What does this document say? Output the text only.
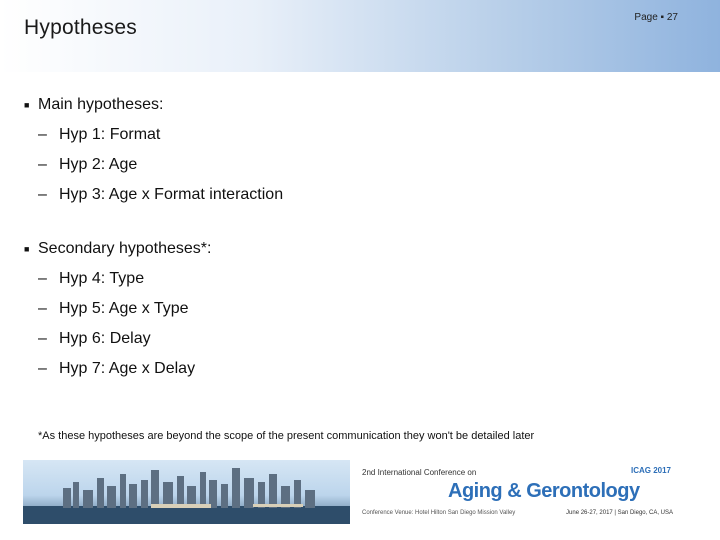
Hypotheses	Page ▪ 27
■ Main hypotheses:
– Hyp 1: Format
– Hyp 2: Age
– Hyp 3: Age x Format interaction
■ Secondary hypotheses*:
– Hyp 4: Type
– Hyp 5: Age x Type
– Hyp 6: Delay
– Hyp 7: Age x Delay
*As these hypotheses are beyond the scope of the present communication they won't be detailed later
2nd International Conference on
Aging & Gerontology
Conference Venue: Hotel Hilton San Diego Mission Valley	June 26-27, 2017 | San Diego, CA, USA
ICAG 2017
